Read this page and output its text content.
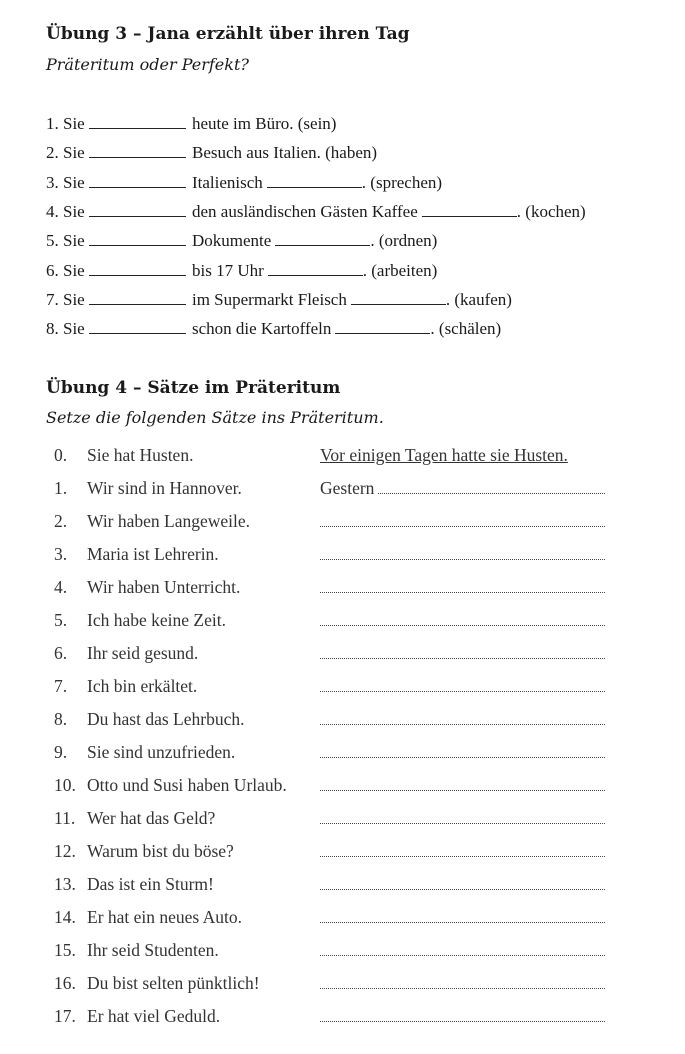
Übung 3 – Jana erzählt über ihren Tag
Präteritum oder Perfekt?
1. Sie	heute im Büro. (sein)
2. Sie	Besuch aus Italien. (haben)
3. Sie	Italienisch	. (sprechen)
4. Sie	den ausländischen Gästen Kaffee	. (kochen)
5. Sie	Dokumente	. (ordnen)
6. Sie	bis 17 Uhr	. (arbeiten)
7. Sie	im Supermarkt Fleisch	. (kaufen)
8. Sie	schon die Kartoffeln	. (schälen)
Übung 4 – Sätze im Präteritum
Setze die folgenden Sätze ins Präteritum.
0. Sie hat Husten.	Vor einigen Tagen hatte sie Husten.
1. Wir sind in Hannover.	Gestern
2. Wir haben Langeweile.
3. Maria ist Lehrerin.
4. Wir haben Unterricht.
5. Ich habe keine Zeit.
6. Ihr seid gesund.
7. Ich bin erkältet.
8. Du hast das Lehrbuch.
9. Sie sind unzufrieden.
10. Otto und Susi haben Urlaub.
11. Wer hat das Geld?
12. Warum bist du böse?
13. Das ist ein Sturm!
14. Er hat ein neues Auto.
15. Ihr seid Studenten.
16. Du bist selten pünktlich!
17. Er hat viel Geduld.
